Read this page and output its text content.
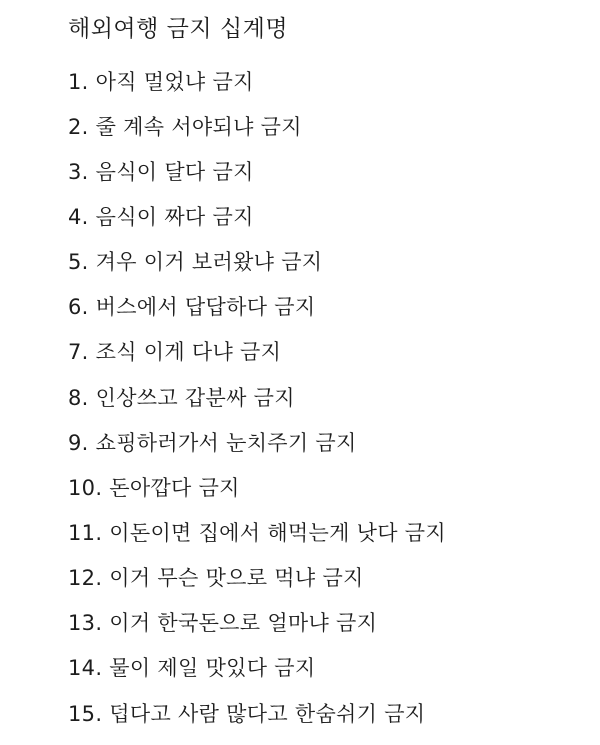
해외여행 금지 십계명
1. 아직 멀었냐 금지
2. 줄 계속 서야되냐 금지
3. 음식이 달다 금지
4. 음식이 짜다 금지
5. 겨우 이거 보러왔냐 금지
6. 버스에서 답답하다 금지
7. 조식 이게 다냐 금지
8. 인상쓰고 갑분싸 금지
9. 쇼핑하러가서 눈치주기 금지
10. 돈아깝다 금지
11. 이돈이면 집에서 해먹는게 낫다 금지
12. 이거 무슨 맛으로 먹냐 금지
13. 이거 한국돈으로 얼마냐 금지
14. 물이 제일 맛있다 금지
15. 덥다고 사람 많다고 한숨쉬기 금지
